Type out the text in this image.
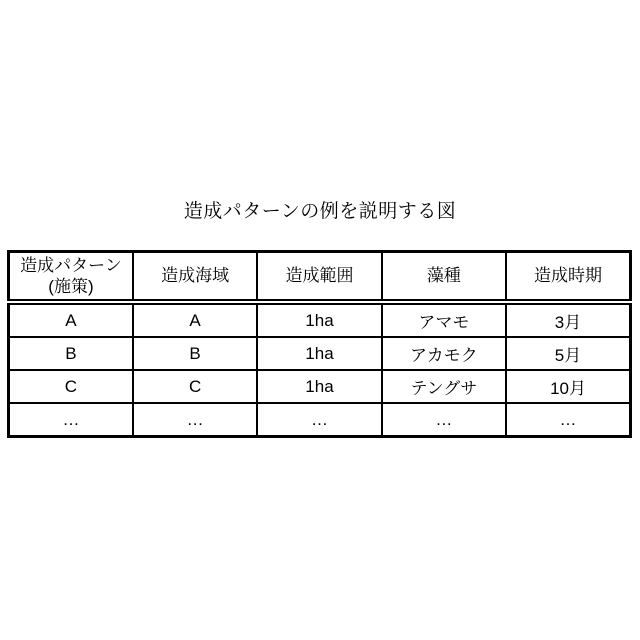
造成パターンの例を説明する図
造成パターン
(施策)	造成海域	造成範囲	藻種	造成時期

A	A	1ha	アマモ	3月
B	B	1ha	アカモク	5月
C	C	1ha	テングサ	10月
…	…	…	…	…
